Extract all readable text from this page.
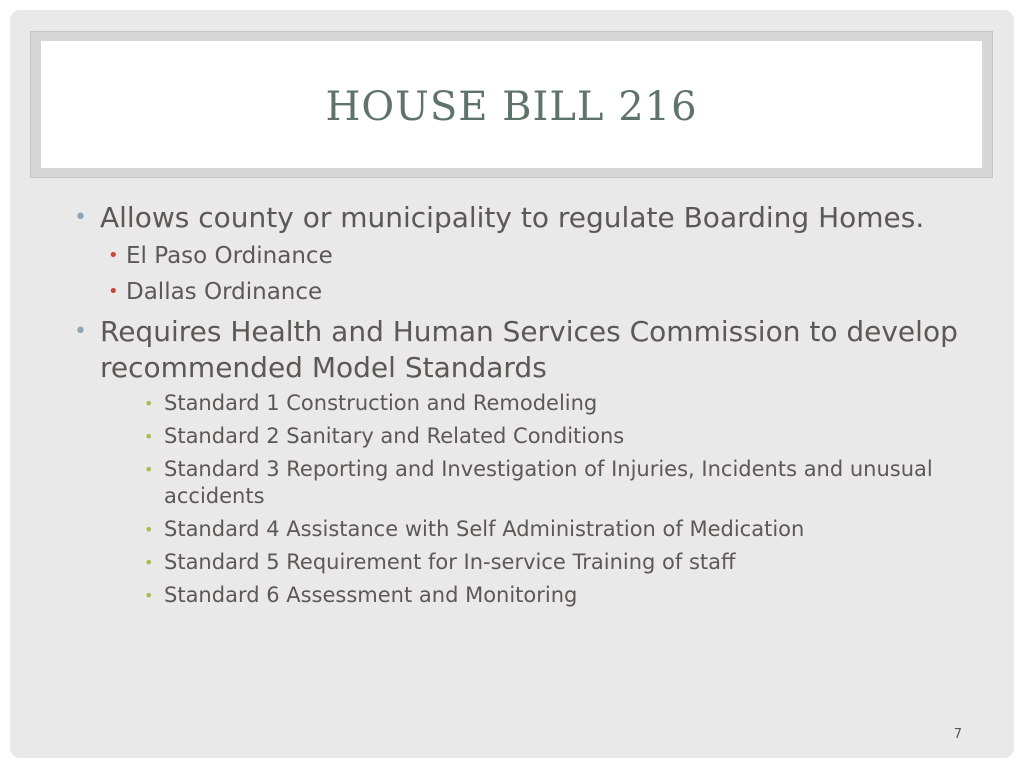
HOUSE BILL 216
• Allows county or municipality to regulate Boarding Homes.
• El Paso Ordinance
• Dallas Ordinance
• Requires Health and Human Services Commission to develop recommended Model Standards
• Standard 1 Construction and Remodeling
• Standard 2 Sanitary and Related Conditions
• Standard 3 Reporting and Investigation of Injuries, Incidents and unusual accidents
• Standard 4 Assistance with Self Administration of Medication
• Standard 5 Requirement for In-service Training of staff
• Standard 6 Assessment and Monitoring
7
